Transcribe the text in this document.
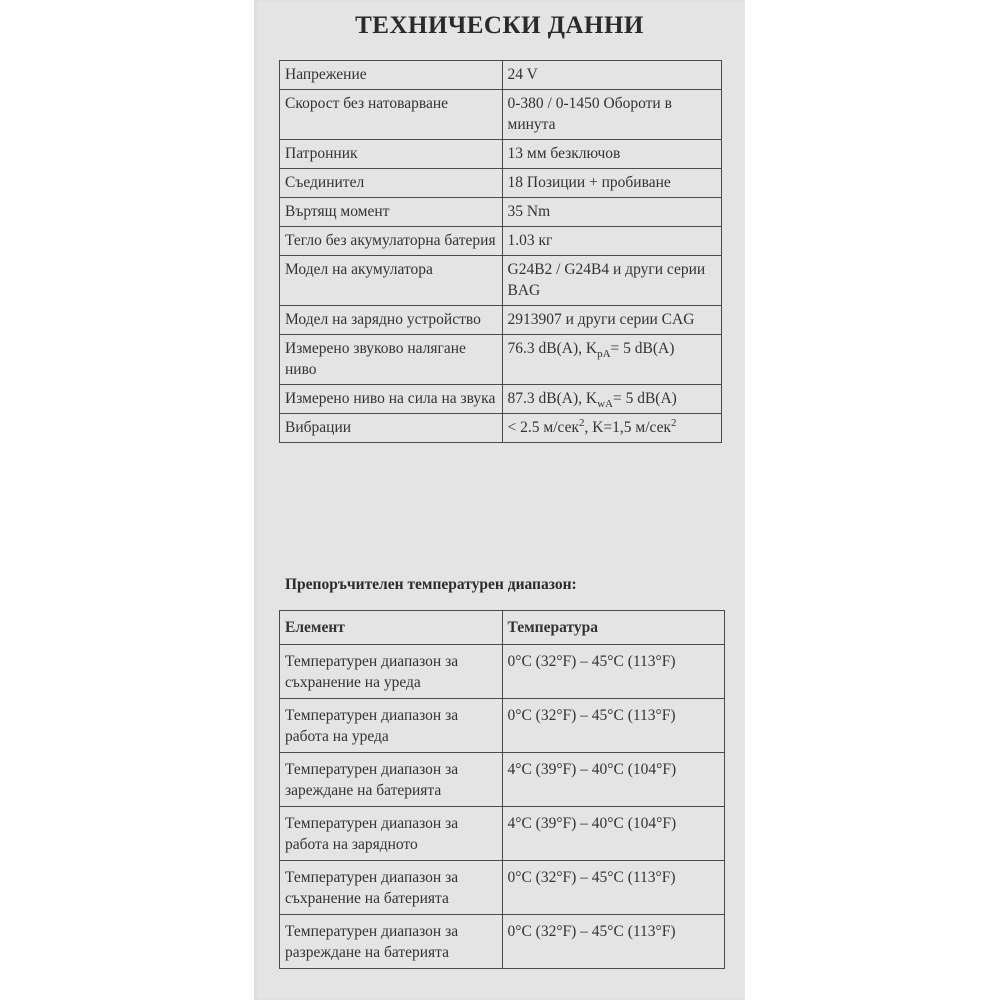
ТЕХНИЧЕСКИ ДАННИ
Напрежение	24 V
Скорост без натоварване	0-380 / 0-1450 Обороти в минута
Патронник	13 мм безключов
Съединител	18 Позиции + пробиване
Въртящ момент	35 Nm
Тегло без акумулаторна батерия	1.03 кг
Модел на акумулатора	G24B2 / G24B4 и други серии BAG
Модел на зарядно устройство	2913907 и други серии CAG
Измерено звуково налягане ниво	76.3 dB(A), $K_{pA}= 5$ dB(A)
Измерено ниво на сила на звука	87.3 dB(A), $K_{wA}= 5$ dB(A)
Вибрации	< 2.5 м/сек$^2$, K=1,5 м/сек$^2$
Препоръчителен температурен диапазон:
Елемент	Температура
Температурен диапазон за съхранение на уреда	0°C (32°F) – 45°C (113°F)
Температурен диапазон за работа на уреда	0°C (32°F) – 45°C (113°F)
Температурен диапазон за зареждане на батерията	4°C (39°F) – 40°C (104°F)
Температурен диапазон за работа на зарядното	4°C (39°F) – 40°C (104°F)
Температурен диапазон за съхранение на батерията	0°C (32°F) – 45°C (113°F)
Температурен диапазон за разреждане на батерията	0°C (32°F) – 45°C (113°F)
